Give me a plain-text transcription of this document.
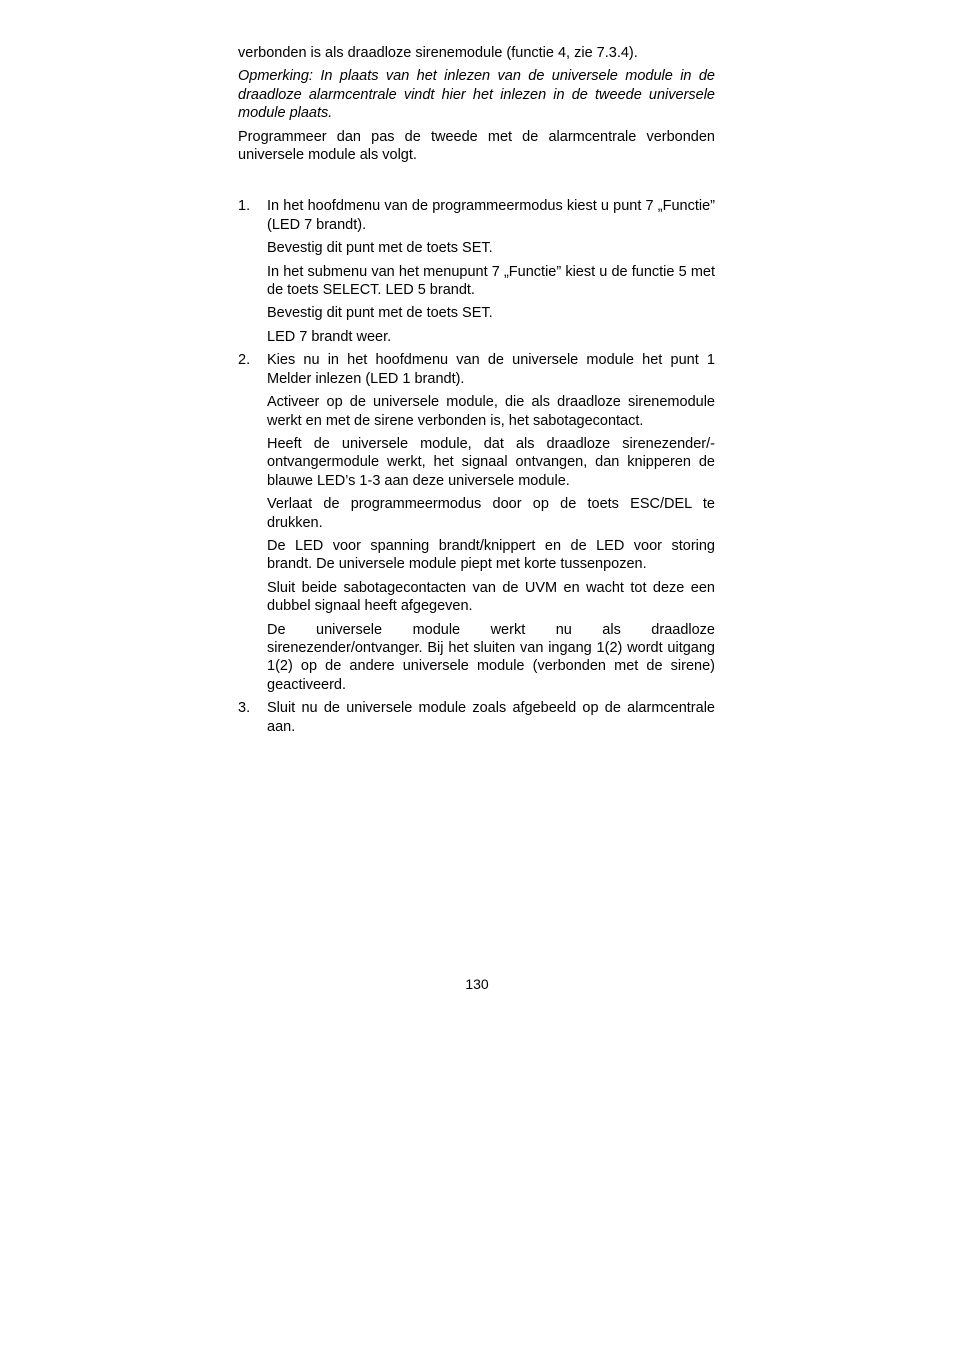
verbonden is als draadloze sirenemodule (functie 4, zie 7.3.4).

Opmerking: In plaats van het inlezen van de universele module in de draadloze alarmcentrale vindt hier het inlezen in de tweede universele module plaats.

Programmeer dan pas de tweede met de alarmcentrale verbonden universele module als volgt.

1. In het hoofdmenu van de programmeermodus kiest u punt 7 „Functie” (LED 7 brandt).

Bevestig dit punt met de toets SET.

In het submenu van het menupunt 7 „Functie” kiest u de functie 5 met de toets SELECT. LED 5 brandt.

Bevestig dit punt met de toets SET.

LED 7 brandt weer.

2. Kies nu in het hoofdmenu van de universele module het punt 1 Melder inlezen (LED 1 brandt).

Activeer op de universele module, die als draadloze sirenemodule werkt en met de sirene verbonden is, het sabotagecontact.

Heeft de universele module, dat als draadloze sirenezender/-ontvangermodule werkt, het signaal ontvangen, dan knipperen de blauwe LED’s 1-3 aan deze universele module.

Verlaat de programmeermodus door op de toets ESC/DEL te drukken.

De LED voor spanning brandt/knippert en de LED voor storing brandt. De universele module piept met korte tussenpozen.

Sluit beide sabotagecontacten van de UVM en wacht tot deze een dubbel signaal heeft afgegeven.

De universele module werkt nu als draadloze sirenezender/ontvanger. Bij het sluiten van ingang 1(2) wordt uitgang 1(2) op de andere universele module (verbonden met de sirene) geactiveerd.

3. Sluit nu de universele module zoals afgebeeld op de alarmcentrale aan.

130
